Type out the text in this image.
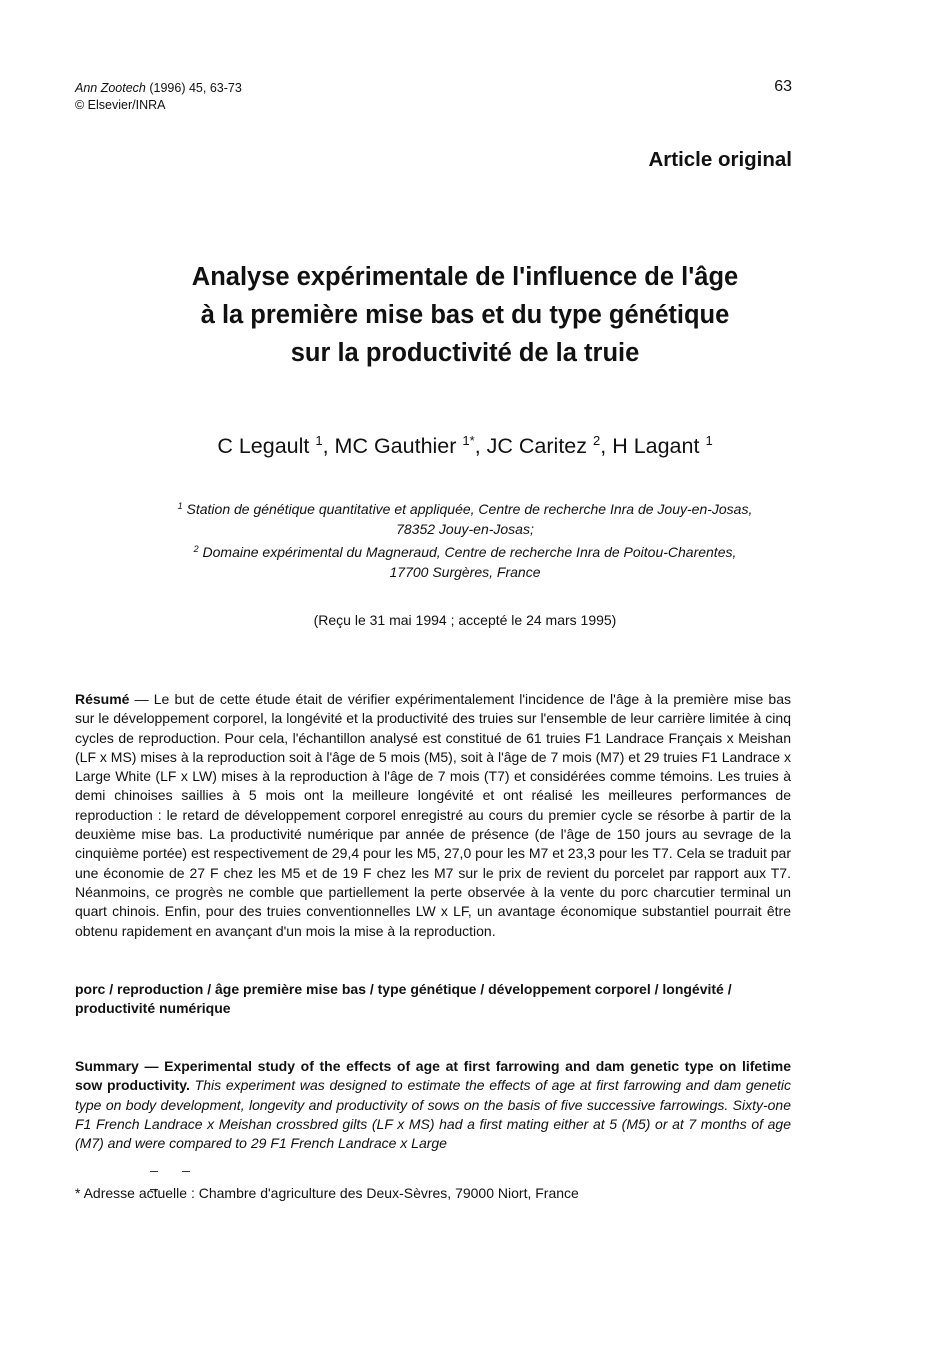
Ann Zootech (1996) 45, 63-73
© Elsevier/INRA
63
Article original
Analyse expérimentale de l'influence de l'âge
à la première mise bas et du type génétique
sur la productivité de la truie
C Legault $^1$, MC Gauthier $^{1*}$, JC Caritez $^2$, H Lagant $^1$
$^1$ Station de génétique quantitative et appliquée, Centre de recherche Inra de Jouy-en-Josas,
78352 Jouy-en-Josas;
$^2$ Domaine expérimental du Magneraud, Centre de recherche Inra de Poitou-Charentes,
17700 Surgères, France
(Reçu le 31 mai 1994 ; accepté le 24 mars 1995)
Résumé — Le but de cette étude était de vérifier expérimentalement l'incidence de l'âge à la première mise bas sur le développement corporel, la longévité et la productivité des truies sur l'ensemble de leur carrière limitée à cinq cycles de reproduction. Pour cela, l'échantillon analysé est constitué de 61 truies F1 Landrace Français x Meishan (LF x MS) mises à la reproduction soit à l'âge de 5 mois (M5), soit à l'âge de 7 mois (M7) et 29 truies F1 Landrace x Large White (LF x LW) mises à la reproduction à l'âge de 7 mois (T7) et considérées comme témoins. Les truies à demi chinoises saillies à 5 mois ont la meilleure longévité et ont réalisé les meilleures performances de reproduction : le retard de développement corporel enregistré au cours du premier cycle se résorbe à partir de la deuxième mise bas. La productivité numérique par année de présence (de l'âge de 150 jours au sevrage de la cinquième portée) est respectivement de 29,4 pour les M5, 27,0 pour les M7 et 23,3 pour les T7. Cela se traduit par une économie de 27 F chez les M5 et de 19 F chez les M7 sur le prix de revient du porcelet par rapport aux T7. Néanmoins, ce progrès ne comble que partiellement la perte observée à la vente du porc charcutier terminal un quart chinois. Enfin, pour des truies conventionnelles LW x LF, un avantage économique substantiel pourrait être obtenu rapidement en avançant d'un mois la mise à la reproduction.
porc / reproduction / âge première mise bas / type génétique / développement corporel / longévité / productivité numérique
Summary — Experimental study of the effects of age at first farrowing and dam genetic type on lifetime sow productivity. This experiment was designed to estimate the effects of age at first farrowing and dam genetic type on body development, longevity and productivity of sows on the basis of five successive farrowings. Sixty-one F1 French Landrace x Meishan crossbred gilts (LF x MS) had a first mating either at 5 (M5) or at 7 months of age (M7) and were compared to 29 F1 French Landrace x Large
* Adresse actuelle : Chambre d'agriculture des Deux-Sèvres, 79000 Niort, France
